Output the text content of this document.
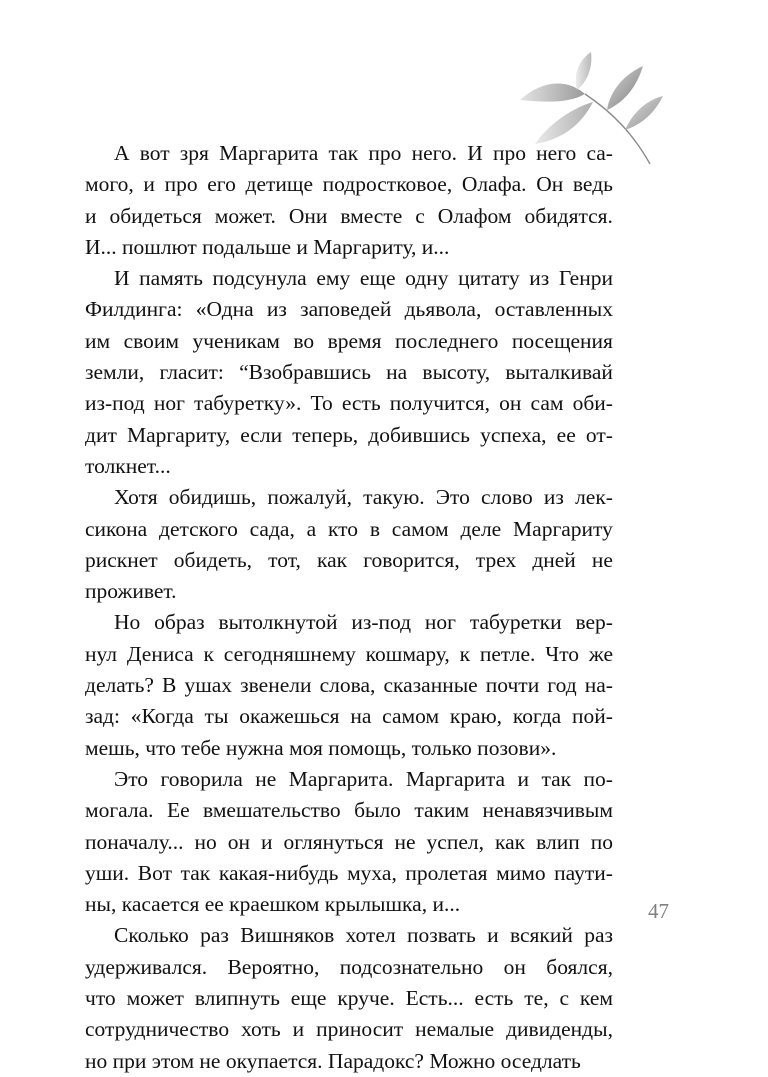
А вот зря Маргарита так про него. И про него са-
мого, и про его детище подростковое, Олафа. Он ведь
и обидеться может. Они вместе с Олафом обидятся.
И... пошлют подальше и Маргариту, и...
И память подсунула ему еще одну цитату из Генри
Филдинга: «Одна из заповедей дьявола, оставленных
им своим ученикам во время последнего посещения
земли, гласит: “Взобравшись на высоту, выталкивай
из-под ног табуретку». То есть получится, он сам оби-
дит Маргариту, если теперь, добившись успеха, ее от-
толкнет...
Хотя обидишь, пожалуй, такую. Это слово из лек-
сикона детского сада, а кто в самом деле Маргариту
рискнет обидеть, тот, как говорится, трех дней не
проживет.
Но образ вытолкнутой из-под ног табуретки вер-
нул Дениса к сегодняшнему кошмару, к петле. Что же
делать? В ушах звенели слова, сказанные почти год на-
зад: «Когда ты окажешься на самом краю, когда пой-
мешь, что тебе нужна моя помощь, только позови».
Это говорила не Маргарита. Маргарита и так по-
могала. Ее вмешательство было таким ненавязчивым
поначалу... но он и оглянуться не успел, как влип по
уши. Вот так какая-нибудь муха, пролетая мимо паути-
ны, касается ее краешком крылышка, и...
Сколько раз Вишняков хотел позвать и всякий раз
удерживался. Вероятно, подсознательно он боялся,
что может влипнуть еще круче. Есть... есть те, с кем
сотрудничество хоть и приносит немалые дивиденды,
но при этом не окупается. Парадокс? Можно оседлать
47
